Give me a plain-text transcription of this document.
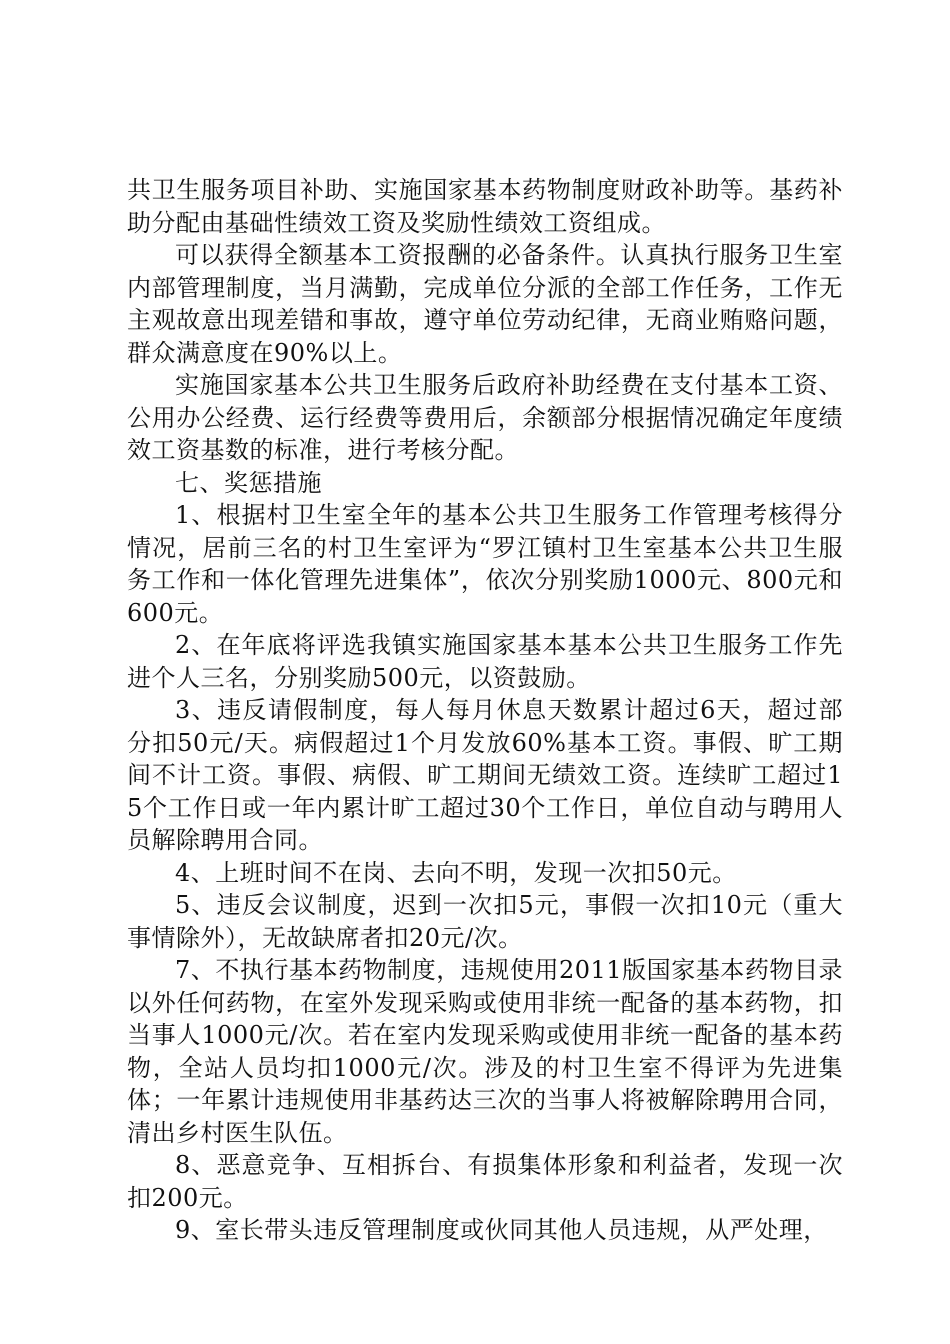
共卫生服务项目补助、实施国家基本药物制度财政补助等。基药补助分配由基础性绩效工资及奖励性绩效工资组成。

可以获得全额基本工资报酬的必备条件。认真执行服务卫生室内部管理制度，当月满勤，完成单位分派的全部工作任务，工作无主观故意出现差错和事故，遵守单位劳动纪律，无商业贿赂问题，群众满意度在90%以上。

实施国家基本公共卫生服务后政府补助经费在支付基本工资、公用办公经费、运行经费等费用后，余额部分根据情况确定年度绩效工资基数的标准，进行考核分配。

七、奖惩措施

1、根据村卫生室全年的基本公共卫生服务工作管理考核得分情况，居前三名的村卫生室评为“罗江镇村卫生室基本公共卫生服务工作和一体化管理先进集体”，依次分别奖励1000元、800元和600元。

2、在年底将评选我镇实施国家基本基本公共卫生服务工作先进个人三名，分别奖励500元，以资鼓励。

3、违反请假制度，每人每月休息天数累计超过6天，超过部分扣50元/天。病假超过1个月发放60%基本工资。事假、旷工期间不计工资。事假、病假、旷工期间无绩效工资。连续旷工超过15个工作日或一年内累计旷工超过30个工作日，单位自动与聘用人员解除聘用合同。

4、上班时间不在岗、去向不明，发现一次扣50元。

5、违反会议制度，迟到一次扣5元，事假一次扣10元（重大事情除外），无故缺席者扣20元/次。

7、不执行基本药物制度，违规使用2011版国家基本药物目录以外任何药物，在室外发现采购或使用非统一配备的基本药物，扣当事人1000元/次。若在室内发现采购或使用非统一配备的基本药物，全站人员均扣1000元/次。涉及的村卫生室不得评为先进集体；一年累计违规使用非基药达三次的当事人将被解除聘用合同，清出乡村医生队伍。

8、恶意竞争、互相拆台、有损集体形象和利益者，发现一次扣200元。

9、室长带头违反管理制度或伙同其他人员违规，从严处理，
